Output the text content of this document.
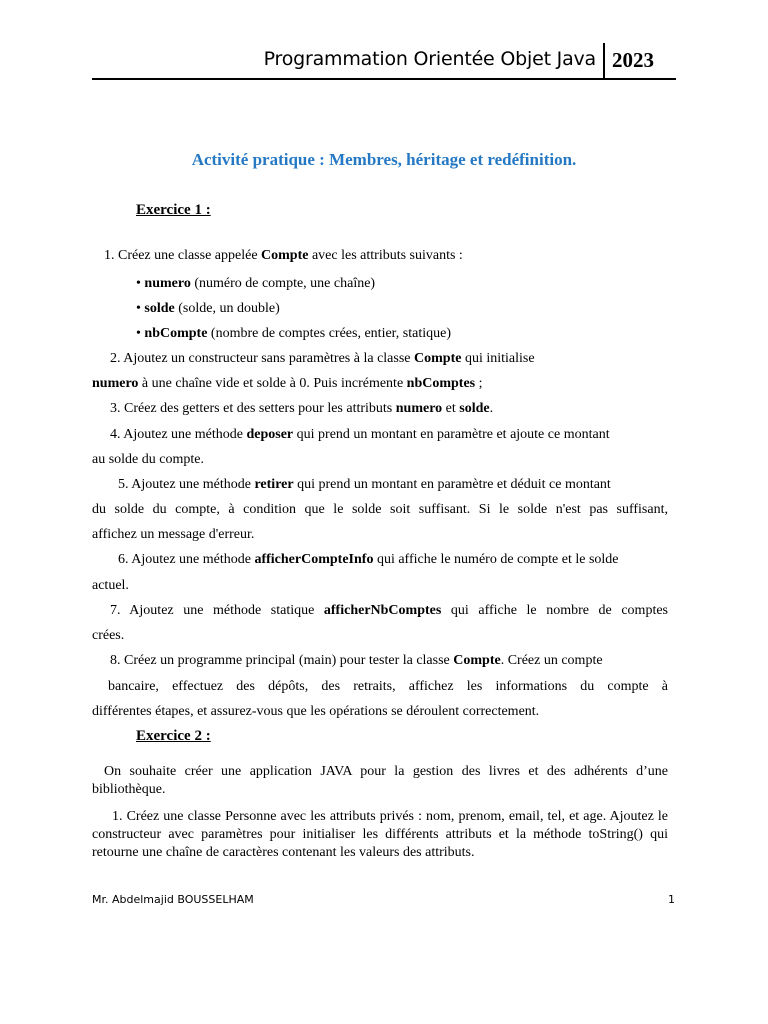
Programmation Orientée Objet Java 2023
Activité pratique : Membres, héritage et redéfinition.
Exercice 1 :
1. Créez une classe appelée Compte avec les attributs suivants :
• numero (numéro de compte, une chaîne)
• solde (solde, un double)
• nbCompte (nombre de comptes crées, entier, statique)
2. Ajoutez un constructeur sans paramètres à la classe Compte qui initialise
numero à une chaîne vide et solde à 0. Puis incrémente nbComptes ;
3. Créez des getters et des setters pour les attributs numero et solde.
4. Ajoutez une méthode deposer qui prend un montant en paramètre et ajoute ce montant
au solde du compte.
5. Ajoutez une méthode retirer qui prend un montant en paramètre et déduit ce montant
du solde du compte, à condition que le solde soit suffisant. Si le solde n'est pas suffisant,
affichez un message d'erreur.
6. Ajoutez une méthode afficherCompteInfo qui affiche le numéro de compte et le solde
actuel.
7. Ajoutez une méthode statique afficherNbComptes qui affiche le nombre de comptes
crées.
8. Créez un programme principal (main) pour tester la classe Compte. Créez un compte
bancaire, effectuez des dépôts, des retraits, affichez les informations du compte à
différentes étapes, et assurez-vous que les opérations se déroulent correctement.
Exercice 2 :
On souhaite créer une application JAVA pour la gestion des livres et des adhérents d’une bibliothèque.
1. Créez une classe Personne avec les attributs privés : nom, prenom, email, tel, et age. Ajoutez le constructeur avec paramètres pour initialiser les différents attributs et la méthode toString() qui retourne une chaîne de caractères contenant les valeurs des attributs.
Mr. Abdelmajid BOUSSELHAM	1
